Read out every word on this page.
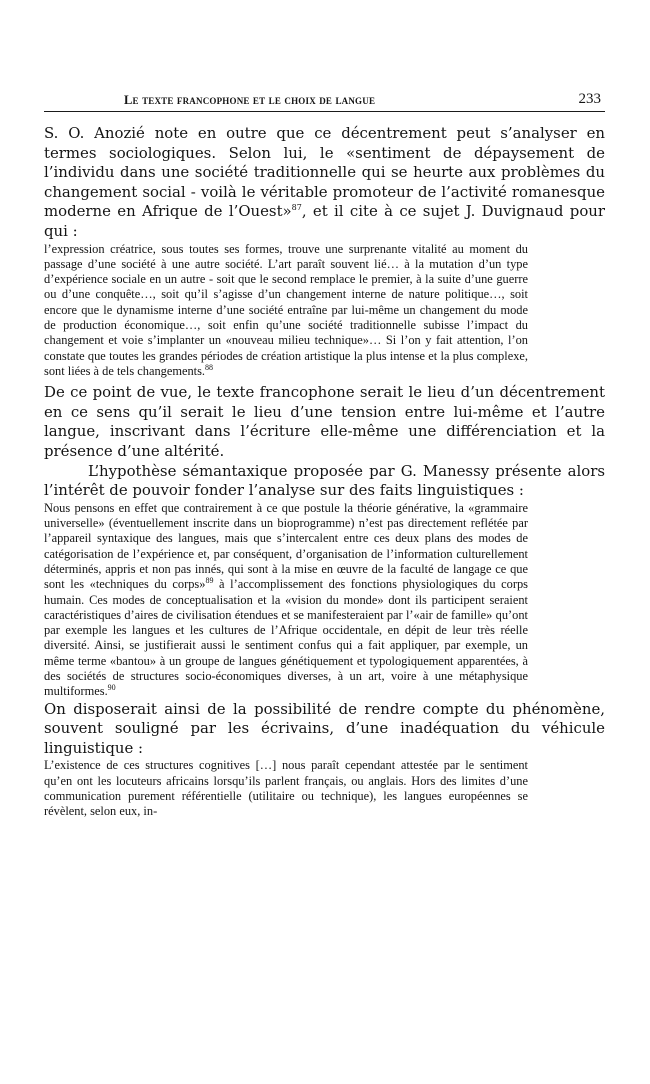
Le texte francophone et le choix de langue	233

S. O. Anozié note en outre que ce décentrement peut s’analyser en termes sociologiques. Selon lui, le «sentiment de dépaysement de l’individu dans une société traditionnelle qui se heurte aux problèmes du changement social - voilà le véritable promoteur de l’activité romanesque moderne en Afrique de l’Ouest»$^{87}$, et il cite à ce sujet J. Duvignaud pour qui :

l’expression créatrice, sous toutes ses formes, trouve une surprenante vitalité au moment du passage d’une société à une autre société. L’art paraît souvent lié… à la mutation d’un type d’expérience sociale en un autre - soit que le second remplace le premier, à la suite d’une guerre ou d’une conquête…, soit qu’il s’agisse d’un changement interne de nature politique…, soit encore que le dynamisme interne d’une société entraîne par lui-même un changement du mode de production économique…, soit enfin qu’une société traditionnelle subisse l’impact du changement et voie s’implanter un «nouveau milieu technique»… Si l’on y fait attention, l’on constate que toutes les grandes périodes de création artistique la plus intense et la plus complexe, sont liées à de tels changements.$^{88}$

De ce point de vue, le texte francophone serait le lieu d’un décentrement en ce sens qu’il serait le lieu d’une tension entre lui-même et l’autre langue, inscrivant dans l’écriture elle-même une différenciation et la présence d’une altérité.

L’hypothèse sémantaxique proposée par G. Manessy présente alors l’intérêt de pouvoir fonder l’analyse sur des faits linguistiques :

Nous pensons en effet que contrairement à ce que postule la théorie générative, la «grammaire universelle» (éventuellement inscrite dans un bioprogramme) n’est pas directement reflétée par l’appareil syntaxique des langues, mais que s’intercalent entre ces deux plans des modes de catégorisation de l’expérience et, par conséquent, d’organisation de l’information culturellement déterminés, appris et non pas innés, qui sont à la mise en œuvre de la faculté de langage ce que sont les «techniques du corps»$^{89}$ à l’accomplissement des fonctions physiologiques du corps humain. Ces modes de conceptualisation et la «vision du monde» dont ils participent seraient caractéristiques d’aires de civilisation étendues et se manifesteraient par l’«air de famille» qu’ont par exemple les langues et les cultures de l’Afrique occidentale, en dépit de leur très réelle diversité. Ainsi, se justifierait aussi le sentiment confus qui a fait appliquer, par exemple, un même terme «bantou» à un groupe de langues génétiquement et typologiquement apparentées, à des sociétés de structures socio-économiques diverses, à un art, voire à une métaphysique multiformes.$^{90}$

On disposerait ainsi de la possibilité de rendre compte du phénomène, souvent souligné par les écrivains, d’une inadéquation du véhicule linguistique :

L’existence de ces structures cognitives […] nous paraît cependant attestée par le sentiment qu’en ont les locuteurs africains lorsqu’ils parlent français, ou anglais. Hors des limites d’une communication purement référentielle (utilitaire ou technique), les langues européennes se révèlent, selon eux, in-
